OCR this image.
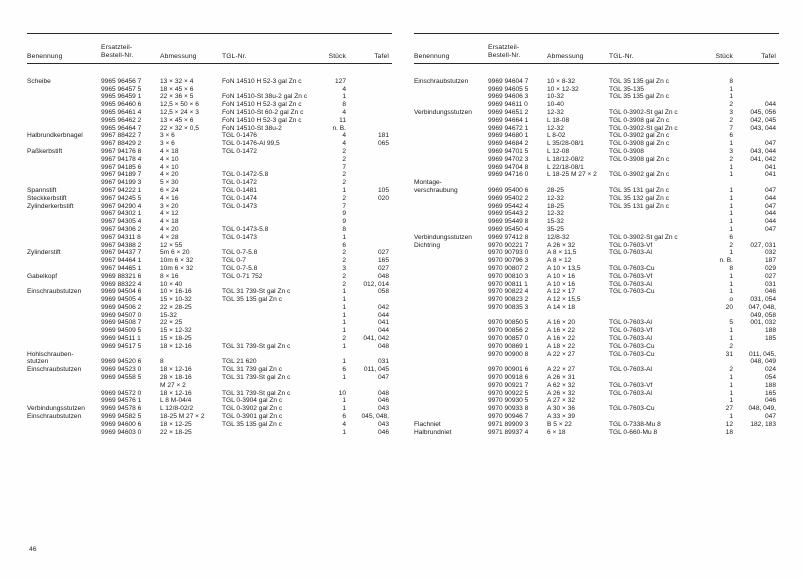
Benennung	Ersatzteil-
Bestell-Nr.	Abmessung	TGL-Nr.	Stück	Tafel

Scheibe	9965 96456 7	13 × 32 × 4	FoN 14510 H 52-3 gal Zn c	127	
	9965 96457 5	18 × 45 × 6		4	
	9965 96459 1	22 × 36 × 5	FoN 14510-St 38u-2 gal Zn c	1	
	9965 96460 6	12,5 × 50 × 6	FoN 14510 H 52-3 gal Zn c	8	
	9965 96461 4	12,5 × 24 × 3	FoN 14510-St 60-2 gal Zn c	4	
	9965 96462 2	13 × 45 × 6	FoN 14510 H 52-3 gal Zn c	11	
	9965 96464 7	22 × 32 × 0,5	FoN 14510-St 38u-2	n. B.	
Halbrundkerbnagel	9967 88422 7	3 × 6	TGL 0-1476	4	181
	9967 88429 2	3 × 6	TGL 0-1476-Al 99,5	4	065
Paßkerbstift	9967 94176 8	4 × 18	TGL 0-1472	2	
	9967 94178 4	4 × 10		2	
	9967 94185 6	4 × 10		7	
	9967 94189 7	4 × 20	TGL 0-1472-5.8	2	
	9967 94199 3	5 × 30	TGL 0-1472	2	
Spannstift	9967 94222 1	6 × 24	TGL 0-1481	1	105
Steckkerbstift	9967 94245 5	4 × 16	TGL 0-1474	2	020
Zylinderkerbstift	9967 94290 4	3 × 20	TGL 0-1473	7	
	9967 94302 1	4 × 12		9	
	9967 94305 4	4 × 18		9	
	9967 94306 2	4 × 20	TGL 0-1473-5.8	8	
	9967 94311 8	4 × 28	TGL 0-1473	1	
	9967 94388 2	12 × 55		6	
Zylinderstift	9967 94437 7	5m 6 × 20	TGL 0-7-5.8	2	027
	9967 94464 1	10m 6 × 32	TGL 0-7	2	165
	9967 94465 1	10m 6 × 32	TGL 0-7-5.8	3	027
Gabelkopf	9969 88321 6	8 × 16	TGL 0-71 752	2	048
	9969 88322 4	10 × 40		2	012, 014
Einschraubstutzen	9969 94504 6	10 × 16-16	TGL 31 739-St gal Zn c	1	058
	9969 94505 4	15 × 10-32	TGL 35 135 gal Zn c	1	
	9969 94506 2	22 × 28-25		1	042
	9969 94507 0	15-32		1	044
	9969 94508 7	22 × 25		1	041
	9969 94509 5	15 × 12-32		1	044
	9969 94511 1	15 × 18-25		2	041, 042
	9969 94517 5	18 × 12-16	TGL 31 739-St gal Zn c	1	048
Hohlschrauben-					
stutzen	9969 94520 6	8	TGL 21 620	1	031
Einschraubstutzen	9969 94523 0	18 × 12-16	TGL 31 739 gal Zn c	6	011, 045
	9969 94558 5	28 × 18-16	TGL 31 739-St gal Zn c	1	047
		M 27 × 2			
	9969 94572 0	18 × 12-16	TGL 31 739-St gal Zn c	10	048
	9969 94576 1	L 8 M-04/4	TGL 0-3904 gal Zn c	1	046
Verbindungsstutzen	9969 94578 6	L 12/8-02/2	TGL 0-3902 gal Zn c	1	043
Einschraubstutzen	9969 94582 5	18-25 M 27 × 2	TGL 0-3901 gal Zn c	6	045, 048,
	9969 94600 6	18 × 12-25	TGL 35 135 gal Zn c	4	043
	9969 94603 0	22 × 18-25		1	046

Benennung	Ersatzteil-
Bestell-Nr.	Abmessung	TGL-Nr.	Stück	Tafel

Einschraubstutzen	9969 94604 7	10 × 8-32	TGL 35 135 gal Zn c	8	
	9969 94605 5	10 × 12-32	TGL 35-135	1	
	9969 94606 3	10-32	TGL 35 135 gal Zn c	1	
	9969 94611 0	10-40		2	044
Verbindungsstutzen	9969 94651 2	12-32	TGL 0-3902-St gal Zn c	3	045, 056
	9969 94664 1	L 18-08	TGL 0-3908 gal Zn c	2	042, 045
	9969 94672 1	12-32	TGL 0-3902-St gal Zn c	7	043, 044
	9969 94680 1	L 8-02	TGL 0-3902 gal Zn c	6	
	9969 94684 2	L 35/28-08/1	TGL 0-3908 gal Zn c	1	047
	9969 94701 5	L 12-08	TGL 0-3908	3	043, 044
	9969 94702 3	L 18/12-08/2	TGL 0-3908 gal Zn c	2	041, 042
	9969 94704 8	L 22/18-08/1		1	041
	9969 94716 0	L 18-25 M 27 × 2	TGL 0-3902 gal Zn c	1	041
Montage-					
verschraubung	9969 95400 6	28-25	TGL 35 131 gal Zn c	1	047
	9969 95402 2	12-32	TGL 35 132 gal Zn c	1	044
	9969 95442 4	18-25	TGL 35 131 gal Zn c	1	047
	9969 95443 2	12-32		1	044
	9969 95449 8	15-32		1	044
	9969 95450 4	35-25		1	047
Verbindungsstutzen	9969 97412 8	12/8-32	TGL 0-3902-St gal Zn c	6	
Dichtring	9970 90221 7	A 26 × 32	TGL 0-7603-Vf	2	027, 031
	9970 90793 0	A 8 × 11,5	TGL 0-7603-Al	1	032
	9970 90796 3	A 8 × 12		n. B.	187
	9970 90807 2	A 10 × 13,5	TGL 0-7603-Cu	8	029
	9970 90810 3	A 10 × 16	TGL 0-7603-Vf	1	027
	9970 90811 1	A 10 × 16	TGL 0-7603-Al	1	031
	9970 90822 4	A 12 × 17	TGL 0-7603-Cu	1	046
	9970 90823 2	A 12 × 15,5		ο	031, 054
	9970 90835 3	A 14 × 18		20	047, 048,
					049, 058
	9970 90850 5	A 16 × 20	TGL 0-7603-Al	5	001, 032
	9970 90856 2	A 16 × 22	TGL 0-7603-Vf	1	188
	9970 90857 0	A 16 × 22	TGL 0-7603-Al	1	185
	9970 90869 1	A 18 × 22	TGL 0-7603-Cu	2	
	9970 90900 8	A 22 × 27	TGL 0-7603-Cu	31	011, 045,
					048, 049
	9970 90901 6	A 22 × 27	TGL 0-7603-Al	2	024
	9970 90918 6	A 26 × 31		1	054
	9970 90921 7	A 62 × 32	TGL 0-7603-Vf	1	188
	9970 90922 5	A 26 × 32	TGL 0-7603-Al	1	165
	9970 90930 5	A 27 × 32		1	046
	9970 90933 8	A 30 × 36	TGL 0-7603-Cu	27	048, 049,
	9970 90946 7	A 33 × 39		1	047
Flachniet	9971 89909 3	B 5 × 22	TGL 0-7338-Mu 8	12	182, 183
Halbrundniet	9971 89937 4	6 × 18	TGL 0-660-Mu 8	18	
46
